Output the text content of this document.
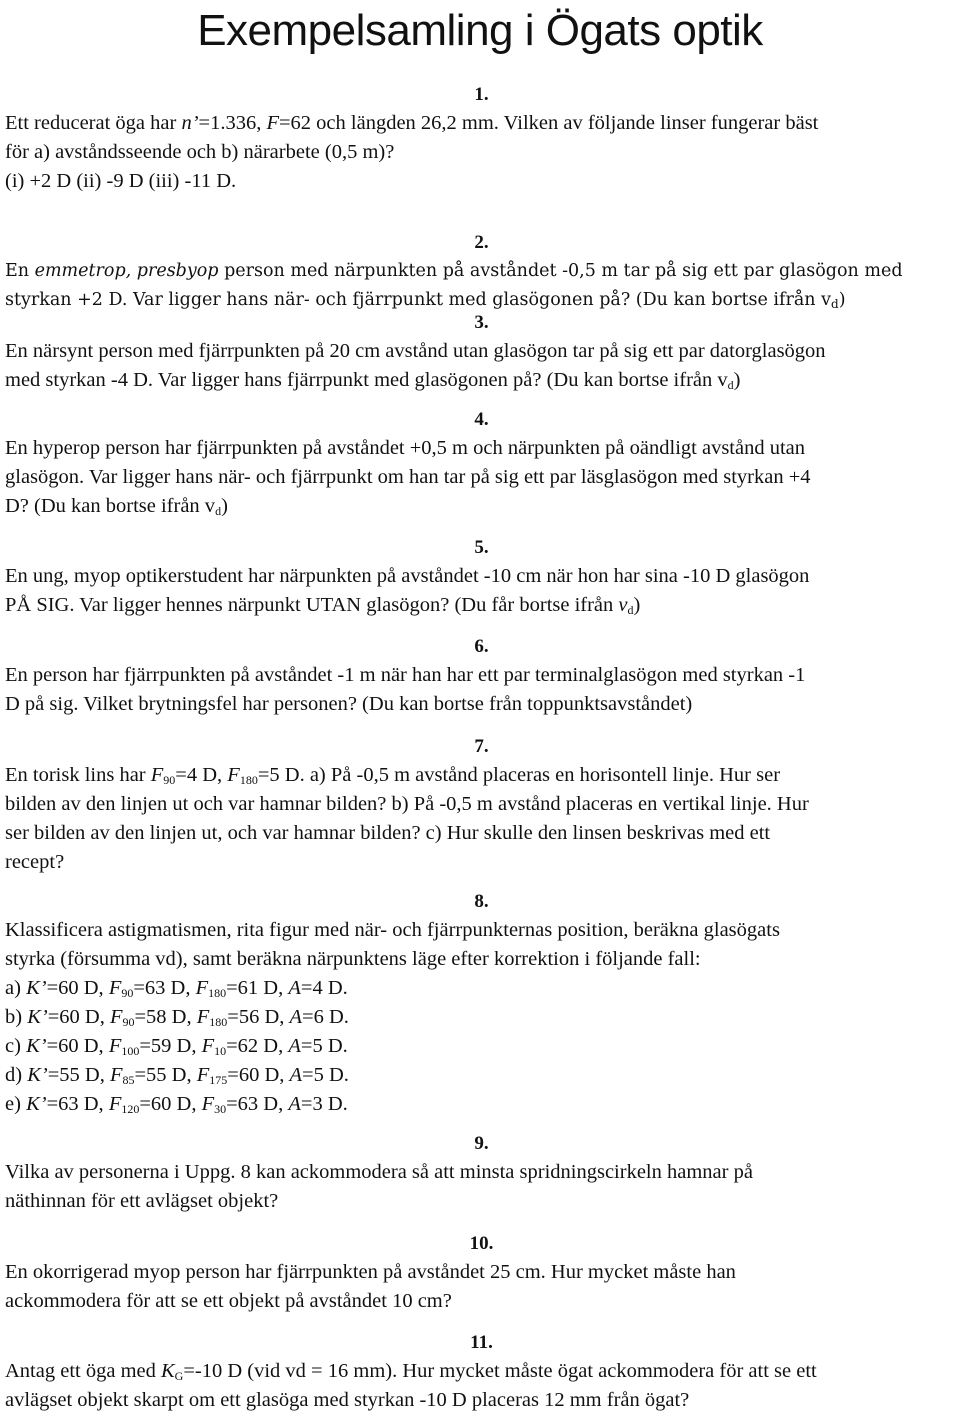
Exempelsamling i Ögats optik
1.
Ett reducerat öga har n’=1.336, F=62 och längden 26,2 mm. Vilken av följande linser fungerar bäst
för a) avståndsseende och b) närarbete (0,5 m)?
(i) +2 D (ii) -9 D (iii) -11 D.
2.
En emmetrop, presbyop person med närpunkten på avståndet -0,5 m tar på sig ett par glasögon med
styrkan +2 D. Var ligger hans när- och fjärrpunkt med glasögonen på? (Du kan bortse ifrån $v_d$)
3.
En närsynt person med fjärrpunkten på 20 cm avstånd utan glasögon tar på sig ett par datorglasögon
med styrkan -4 D. Var ligger hans fjärrpunkt med glasögonen på? (Du kan bortse ifrån $v_d$)
4.
En hyperop person har fjärrpunkten på avståndet +0,5 m och närpunkten på oändligt avstånd utan
glasögon. Var ligger hans när- och fjärrpunkt om han tar på sig ett par läsglasögon med styrkan +4
D? (Du kan bortse ifrån $v_d$)
5.
En ung, myop optikerstudent har närpunkten på avståndet -10 cm när hon har sina -10 D glasögon
PÅ SIG. Var ligger hennes närpunkt UTAN glasögon? (Du får bortse ifrån $v_d$)
6.
En person har fjärrpunkten på avståndet -1 m när han har ett par terminalglasögon med styrkan -1
D på sig. Vilket brytningsfel har personen? (Du kan bortse från toppunktsavståndet)
7.
En torisk lins har $F_{90}=4$ D, $F_{180}=5$ D. a) På -0,5 m avstånd placeras en horisontell linje. Hur ser
bilden av den linjen ut och var hamnar bilden? b) På -0,5 m avstånd placeras en vertikal linje. Hur
ser bilden av den linjen ut, och var hamnar bilden? c) Hur skulle den linsen beskrivas med ett
recept?
8.
Klassificera astigmatismen, rita figur med när- och fjärrpunkternas position, beräkna glasögats
styrka (försumma vd), samt beräkna närpunktens läge efter korrektion i följande fall:
a) K’=60 D, $F_{90}=63$ D, $F_{180}=61$ D, A=4 D.
b) K’=60 D, $F_{90}=58$ D, $F_{180}=56$ D, A=6 D.
c) K’=60 D, $F_{100}=59$ D, $F_{10}=62$ D, A=5 D.
d) K’=55 D, $F_{85}=55$ D, $F_{175}=60$ D, A=5 D.
e) K’=63 D, $F_{120}=60$ D, $F_{30}=63$ D, A=3 D.
9.
Vilka av personerna i Uppg. 8 kan ackommodera så att minsta spridningscirkeln hamnar på
näthinnan för ett avlägset objekt?
10.
En okorrigerad myop person har fjärrpunkten på avståndet 25 cm. Hur mycket måste han
ackommodera för att se ett objekt på avståndet 10 cm?
11.
Antag ett öga med $K_G=-10$ D (vid vd = 16 mm). Hur mycket måste ögat ackommodera för att se ett
avlägset objekt skarpt om ett glasöga med styrkan -10 D placeras 12 mm från ögat?
